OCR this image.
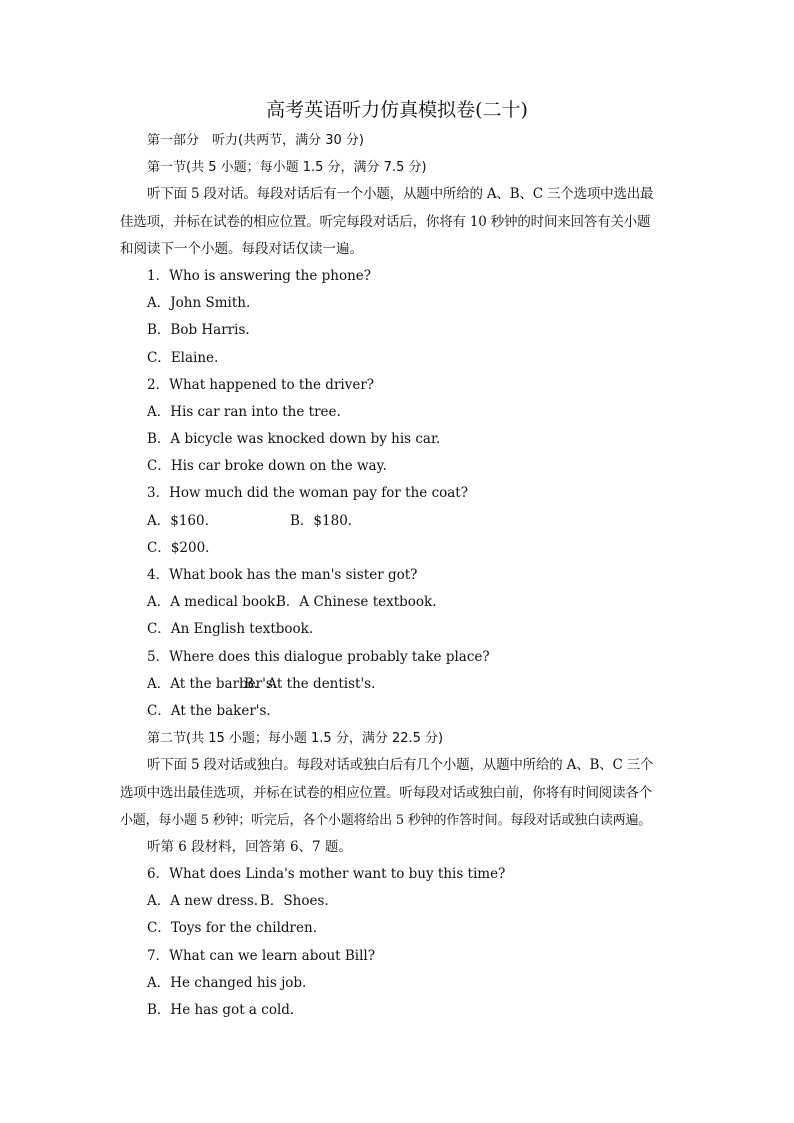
高考英语听力仿真模拟卷(二十)
第一部分　听力(共两节，满分 30 分)
第一节(共 5 小题；每小题 1.5 分，满分 7.5 分)
听下面 5 段对话。每段对话后有一个小题，从题中所给的 A、B、C 三个选项中选出最
佳选项，并标在试卷的相应位置。听完每段对话后，你将有 10 秒钟的时间来回答有关小题
和阅读下一个小题。每段对话仅读一遍。
1．Who is answering the phone?
A．John Smith.
B．Bob Harris.
C．Elaine.
2．What happened to the driver?
A．His car ran into the tree.
B．A bicycle was knocked down by his car.
C．His car broke down on the way.
3．How much did the woman pay for the coat?
A．$160.	B．$180.
C．$200.
4．What book has the man's sister got?
A．A medical book.B．A Chinese textbook.
C．An English textbook.
5．Where does this dialogue probably take place?
A．At the barber's.B．At the dentist's.
C．At the baker's.
第二节(共 15 小题；每小题 1.5 分，满分 22.5 分)
听下面 5 段对话或独白。每段对话或独白后有几个小题，从题中所给的 A、B、C 三个
选项中选出最佳选项，并标在试卷的相应位置。听每段对话或独白前，你将有时间阅读各个
小题，每小题 5 秒钟；听完后，各个小题将给出 5 秒钟的作答时间。每段对话或独白读两遍。
听第 6 段材料，回答第 6、7 题。
6．What does Linda's mother want to buy this time?
A．A new dress. B．Shoes.
C．Toys for the children.
7．What can we learn about Bill?
A．He changed his job.
B．He has got a cold.
